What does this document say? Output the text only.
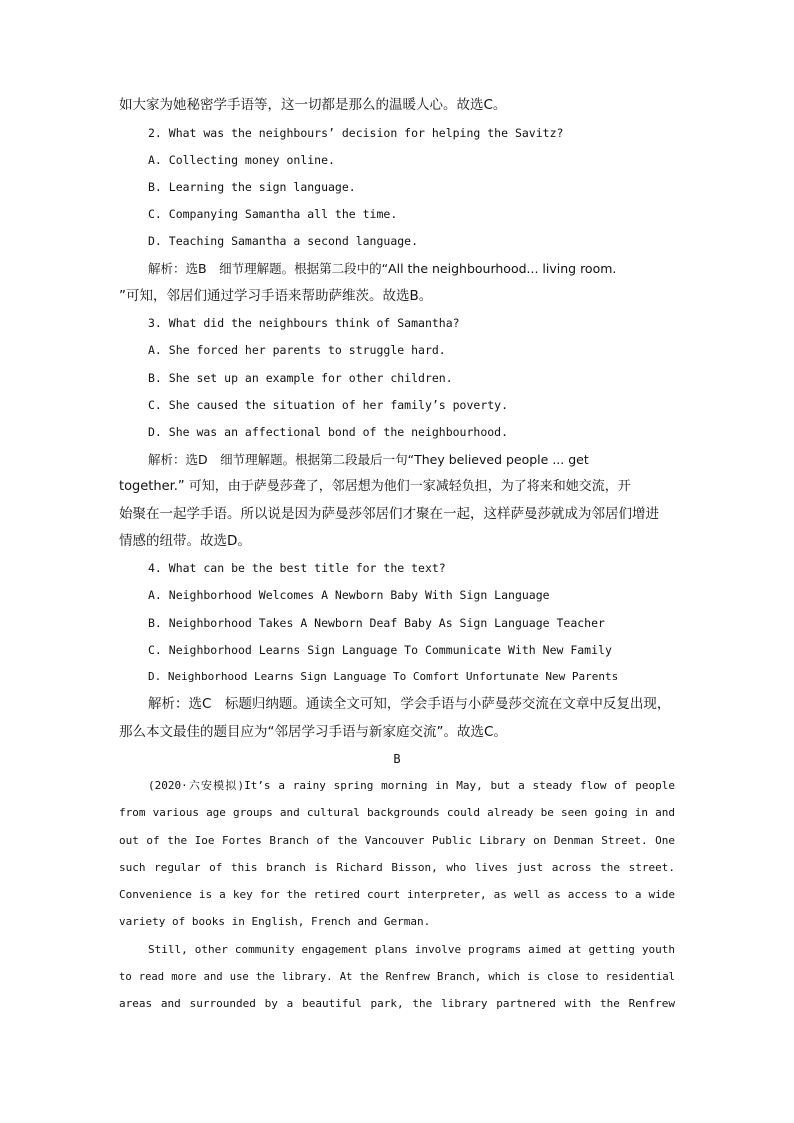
如大家为她秘密学手语等，这一切都是那么的温暖人心。故选C。
2. What was the neighbours’ decision for helping the Savitz?
A. Collecting money online.
B. Learning the sign language.
C. Companying Samantha all the time.
D. Teaching Samantha a second language.
解析：选B　细节理解题。根据第二段中的“All the neighbourhood... living room.
”可知，邻居们通过学习手语来帮助萨维茨。故选B。
3. What did the neighbours think of Samantha?
A. She forced her parents to struggle hard.
B. She set up an example for other children.
C. She caused the situation of her family’s poverty.
D. She was an affectional bond of the neighbourhood.
解析：选D　细节理解题。根据第二段最后一句“They believed people ... get
together.” 可知，由于萨曼莎聋了，邻居想为他们一家减轻负担，为了将来和她交流，开
始聚在一起学手语。所以说是因为萨曼莎邻居们才聚在一起，这样萨曼莎就成为邻居们增进
情感的纽带。故选D。
4. What can be the best title for the text?
A. Neighborhood Welcomes A Newborn Baby With Sign Language
B. Neighborhood Takes A Newborn Deaf Baby As Sign Language Teacher
C. Neighborhood Learns Sign Language To Communicate With New Family
D. Neighborhood Learns Sign Language To Comfort Unfortunate New Parents
解析：选C　标题归纳题。通读全文可知，学会手语与小萨曼莎交流在文章中反复出现，
那么本文最佳的题目应为“邻居学习手语与新家庭交流”。故选C。
B
(2020·六安模拟)It’s a rainy spring morning in May, but a steady flow of people
from various age groups and cultural backgrounds could already be seen going in and
out of the Ioe Fortes Branch of the Vancouver Public Library on Denman Street. One
such regular of this branch is Richard Bisson, who lives just across the street.
Convenience is a key for the retired court interpreter, as well as access to a wide
variety of books in English, French and German.
Still, other community engagement plans involve programs aimed at getting youth
to read more and use the library. At the Renfrew Branch, which is close to residential
areas and surrounded by a beautiful park, the library partnered with the Renfrew
